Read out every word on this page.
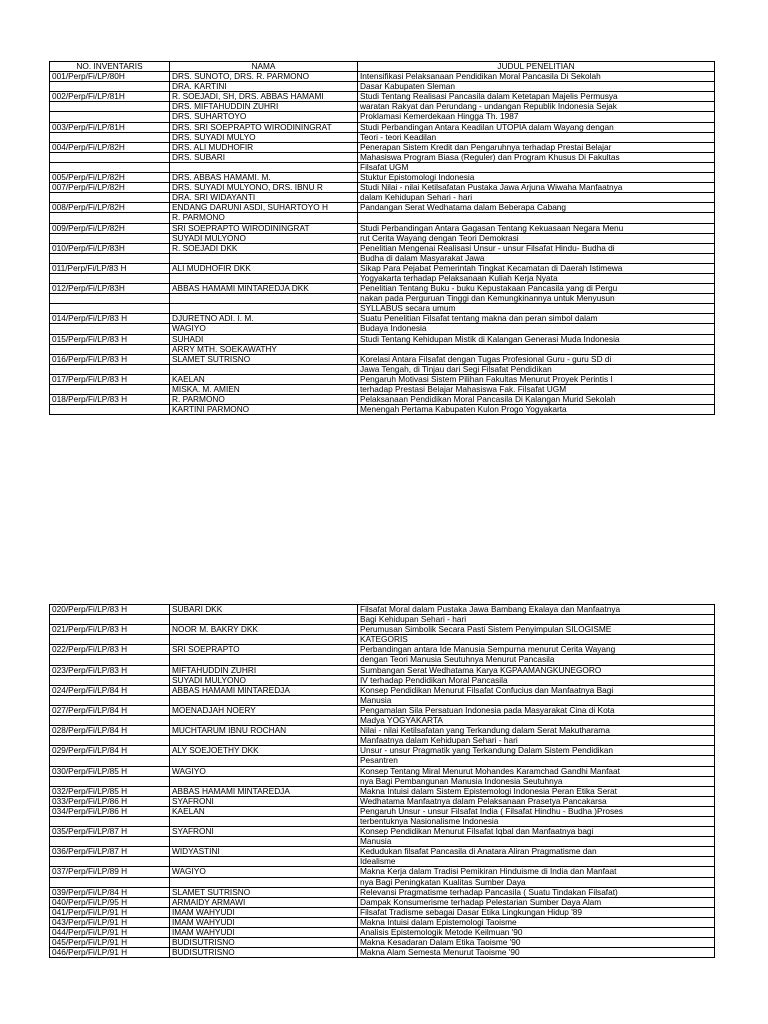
NO. INVENTARIS	NAMA	JUDUL PENELITIAN
001/Perp/Fi/LP/80H	DRS. SUNOTO, DRS. R. PARMONO	Intensifikasi Pelaksanaan Pendidikan Moral Pancasila Di Sekolah
	DRA. KARTINI	Dasar Kabupaten Sleman
002/Perp/Fi/LP/81H	R. SOEJADI, SH, DRS. ABBAS HAMAMI	Studi Tentang Realisasi Pancasila dalam Ketetapan Majelis Permusya
	DRS. MIFTAHUDDIN ZUHRI	waratan Rakyat dan Perundang - undangan Republik Indonesia Sejak
	DRS. SUHARTOYO	Proklamasi Kemerdekaan Hingga Th. 1987
003/Perp/Fi/LP/81H	DRS. SRI SOEPRAPTO WIRODININGRAT	Studi Perbandingan Antara Keadilan UTOPIA dalam Wayang dengan
	DRS. SUYADI MULYO	Teori - teori Keadilan
004/Perp/Fi/LP/82H	DRS. ALI MUDHOFIR	Penerapan Sistem Kredit dan Pengaruhnya terhadap Prestai Belajar
	DRS. SUBARI	Mahasiswa Program Biasa (Reguler) dan Program Khusus Di Fakultas
		Filsafat UGM
005/Perp/Fi/LP/82H	DRS. ABBAS HAMAMI. M.	Stuktur Epistomologi Indonesia
007/Perp/Fi/LP/82H	DRS. SUYADI MULYONO, DRS. IBNU R	Studi Nilai - nilai Ketilsafatan Pustaka Jawa Arjuna Wiwaha Manfaatnya
	DRA. SRI WIDAYANTI	dalam Kehidupan Sehari - hari
008/Perp/Fi/LP/82H	ENDANG DARUNI ASDI, SUHARTOYO H	Pandangan Serat Wedhatama dalam Beberapa Cabang
	R. PARMONO	
009/Perp/Fi/LP/82H	SRI SOEPRAPTO WIRODININGRAT	Studi Perbandingan Antara Gagasan Tentang Kekuasaan Negara Menu
	SUYADI MULYONO	rut Cerita Wayang dengan Teori Demokrasi
010/Perp/Fi/LP/83H	R. SOEJADI DKK	Penelitian Mengenai Realisasi Unsur - unsur Filsafat Hindu- Budha di
		Budha di dalam Masyarakat Jawa
011/Perp/Fi/LP/83 H	ALI MUDHOFIR DKK	Sikap Para Pejabat Pemerintah Tingkat Kecamatan di Daerah Istimewa
		Yogyakarta terhadap Pelaksanaan Kuliah Kerja Nyata
012/Perp/Fi/LP/83H	ABBAS HAMAMI MINTAREDJA DKK	Penelitian Tentang Buku - buku Kepustakaan Pancasila yang di Pergu
		nakan pada Perguruan Tinggi dan Kemungkinannya untuk Menyusun
		SYLLABUS secara umum
014/Perp/Fi/LP/83 H	DJURETNO ADI. I. M.	Suatu Penelitian Filsafat tentang makna dan peran simbol dalam
	WAGIYO	Budaya Indonesia
015/Perp/Fi/LP/83 H	SUHADI	Studi Tentang Kehidupan Mistik di Kalangan Generasi Muda Indonesia
	ARRY MTH. SOEKAWATHY	
016/Perp/Fi/LP/83 H	SLAMET SUTRISNO	Korelasi Antara Filsafat dengan Tugas Profesional Guru - guru SD di
		Jawa Tengah, di Tinjau dari Segi Filsafat Pendidikan
017/Perp/Fi/LP/83 H	KAELAN	Pengaruh Motivasi Sistem Pilihan Fakultas Menurut Proyek Perintis I
	MISKA. M. AMIEN	terhadap Prestasi Belajar Mahasiswa Fak. Filsafat UGM
018/Perp/Fi/LP/83 H	R. PARMONO	Pelaksanaan Pendidikan Moral Pancasila Di Kalangan Murid Sekolah
	KARTINI PARMONO	Menengah Pertama Kabupaten Kulon Progo Yogyakarta
020/Perp/Fi/LP/83 H	SUBARI DKK	Filsafat Moral dalam Pustaka Jawa Bambang Ekalaya dan Manfaatnya
		Bagi Kehidupan Sehari - hari
021/Perp/Fi/LP/83 H	NOOR M. BAKRY DKK	Perumusan Simbolik Secara Pasti Sistem Penyimpulan SILOGISME
		KATEGORIS
022/Perp/Fi/LP/83 H	SRI SOEPRAPTO	Perbandingan antara Ide Manusia Sempurna menurut Cerita Wayang
		dengan Teori Manusia Seutuhnya Menurut Pancasila
023/Perp/Fi/LP/83 H	MIFTAHUDDIN ZUHRI	Sumbangan Serat Wedhatama Karya KGPAAMANGKUNEGORO
	SUYADI MULYONO	IV terhadap Pendidikan Moral Pancasila
024/Perp/Fi/LP/84 H	ABBAS HAMAMI MINTAREDJA	Konsep Pendidikan Menurut Filsafat Confucius dan Manfaatnya Bagi
		Manusia
027/Perp/Fi/LP/84 H	MOENADJAH NOERY	Pengamalan Sila Persatuan Indonesia pada Masyarakat Cina di Kota
		Madya YOGYAKARTA
028/Perp/Fi/LP/84 H	MUCHTARUM IBNU ROCHAN	Nilai - nilai Ketilsafatan yang Terkandung dalam Serat Makutharama
		Manfaatnya dalam Kehidupan Sehari - hari
029/Perp/Fi/LP/84 H	ALY SOEJOETHY DKK	Unsur - unsur Pragmatik yang Terkandung Dalam Sistem Pendidikan
		Pesantren
030/Perp/Fi/LP/85 H	WAGIYO	Konsep Tentang Miral Menurut Mohandes Karamchad Gandhi Manfaat
		nya Bagi Pembangunan Manusia Indonesia Seutuhnya
032/Perp/Fi/LP/85 H	ABBAS HAMAMI MINTAREDJA	Makna Intuisi dalam Sistem Epistemologi Indonesia Peran Etika Serat
033/Perp/Fi/LP/86 H	SYAFRONI	Wedhatama Manfaatnya dalam Pelaksanaan Prasetya Pancakarsa
034/Perp/Fi/LP/86 H	KAELAN	Pengaruh Unsur - unsur Filsafat India ( Filsafat Hindhu - Budha )Proses
		terbentuknya Nasionalisme Indonesia
035/Perp/Fi/LP/87 H	SYAFRONI	Konsep Pendidikan Menurut Filsafat Iqbal dan Manfaatnya bagi
		Manusia
036/Perp/Fi/LP/87 H	WIDYASTINI	Kedudukan filsafat Pancasila di Anatara Aliran Pragmatisme dan
		Idealisme
037/Perp/Fi/LP/89 H	WAGIYO	Makna Kerja dalam Tradisi Pemikiran Hinduisme di India dan Manfaat
		nya Bagi Peningkatan Kualitas Sumber Daya
039/Perp/Fi/LP/84 H	SLAMET SUTRISNO	Relevansi Pragmatisme terhadap Pancasila ( Suatu Tindakan Filsafat)
040/Perp/Fi/LP/95 H	ARMAIDY ARMAWI	Dampak Konsumerisme terhadap Pelestarian Sumber Daya Alam
041/Perp/Fi/LP/91 H	IMAM WAHYUDI	Filsafat Tradisme sebagai Dasar Etika Lingkungan Hidup '89
043/Perp/Fi/LP/91 H	IMAM WAHYUDI	Makna Intuisi dalam Epistemologi Taoisme
044/Perp/Fi/LP/91 H	IMAM WAHYUDI	Analisis Epistemologik Metode Keilmuan '90
045/Perp/Fi/LP/91 H	BUDISUTRISNO	Makna Kesadaran Dalam Etika Taoisme '90
046/Perp/Fi/LP/91 H	BUDISUTRISNO	Makna Alam Semesta Menurut Taoisme '90
